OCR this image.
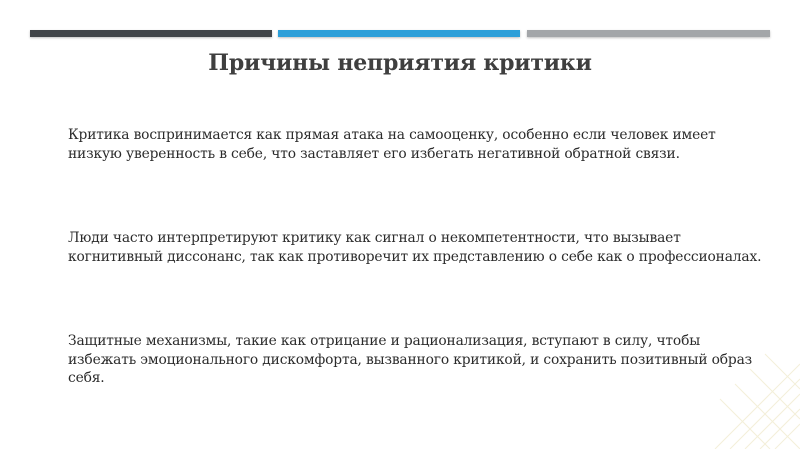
Причины неприятия критики
Критика воспринимается как прямая атака на самооценку, особенно если человек имеет низкую уверенность в себе, что заставляет его избегать негативной обратной связи.
Люди часто интерпретируют критику как сигнал о некомпетентности, что вызывает когнитивный диссонанс, так как противоречит их представлению о себе как о профессионалах.
Защитные механизмы, такие как отрицание и рационализация, вступают в силу, чтобы избежать эмоционального дискомфорта, вызванного критикой, и сохранить позитивный образ себя.
